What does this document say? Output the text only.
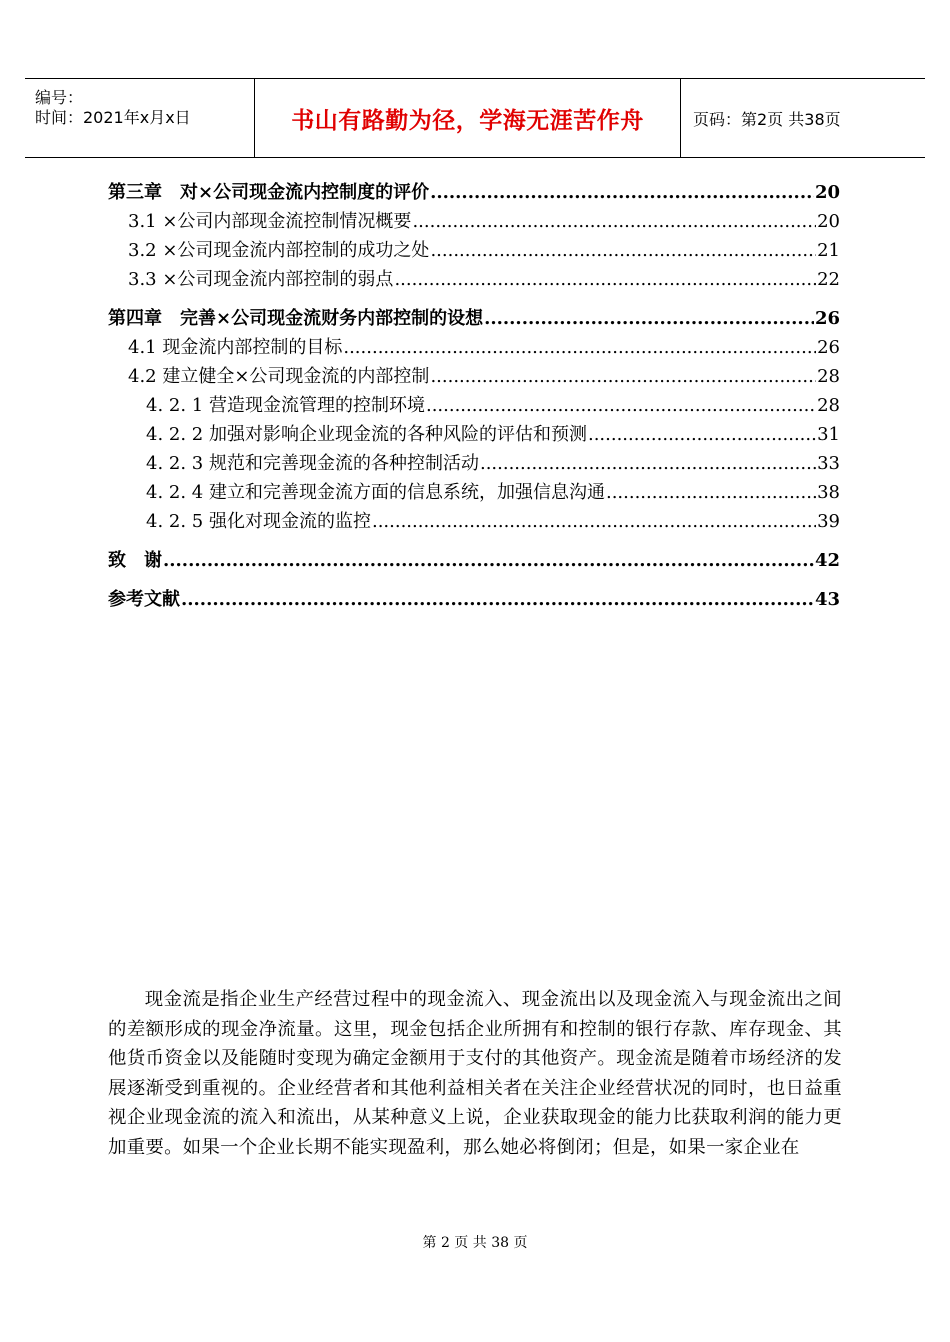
编号：
时间：2021年x月x日	书山有路勤为径，学海无涯苦作舟	页码：第2页 共38页
第三章　对×公司现金流内控制度的评价 .....	20
3.1 ×公司内部现金流控制情况概要 .....	20
3.2 ×公司现金流内部控制的成功之处 .....	21
3.3 ×公司现金流内部控制的弱点 .....	22
第四章　完善×公司现金流财务内部控制的设想 .....	26
4.1 现金流内部控制的目标 .....	26
4.2 建立健全×公司现金流的内部控制 .....	28
4. 2. 1 营造现金流管理的控制环境 .....	28
4. 2. 2 加强对影响企业现金流的各种风险的评估和预测 .....	31
4. 2. 3 规范和完善现金流的各种控制活动 .....	33
4. 2. 4 建立和完善现金流方面的信息系统，加强信息沟通 .....	38
4. 2. 5 强化对现金流的监控 .....	39
致　谢 .....	42
参考文献 .....	43
现金流是指企业生产经营过程中的现金流入、现金流出以及现金流入与现金流出之间的差额形成的现金净流量。这里，现金包括企业所拥有和控制的银行存款、库存现金、其他货币资金以及能随时变现为确定金额用于支付的其他资产。现金流是随着市场经济的发展逐渐受到重视的。企业经营者和其他利益相关者在关注企业经营状况的同时，也日益重视企业现金流的流入和流出，从某种意义上说，企业获取现金的能力比获取利润的能力更加重要。如果一个企业长期不能实现盈利，那么她必将倒闭；但是，如果一家企业在
第 2 页 共 38 页
